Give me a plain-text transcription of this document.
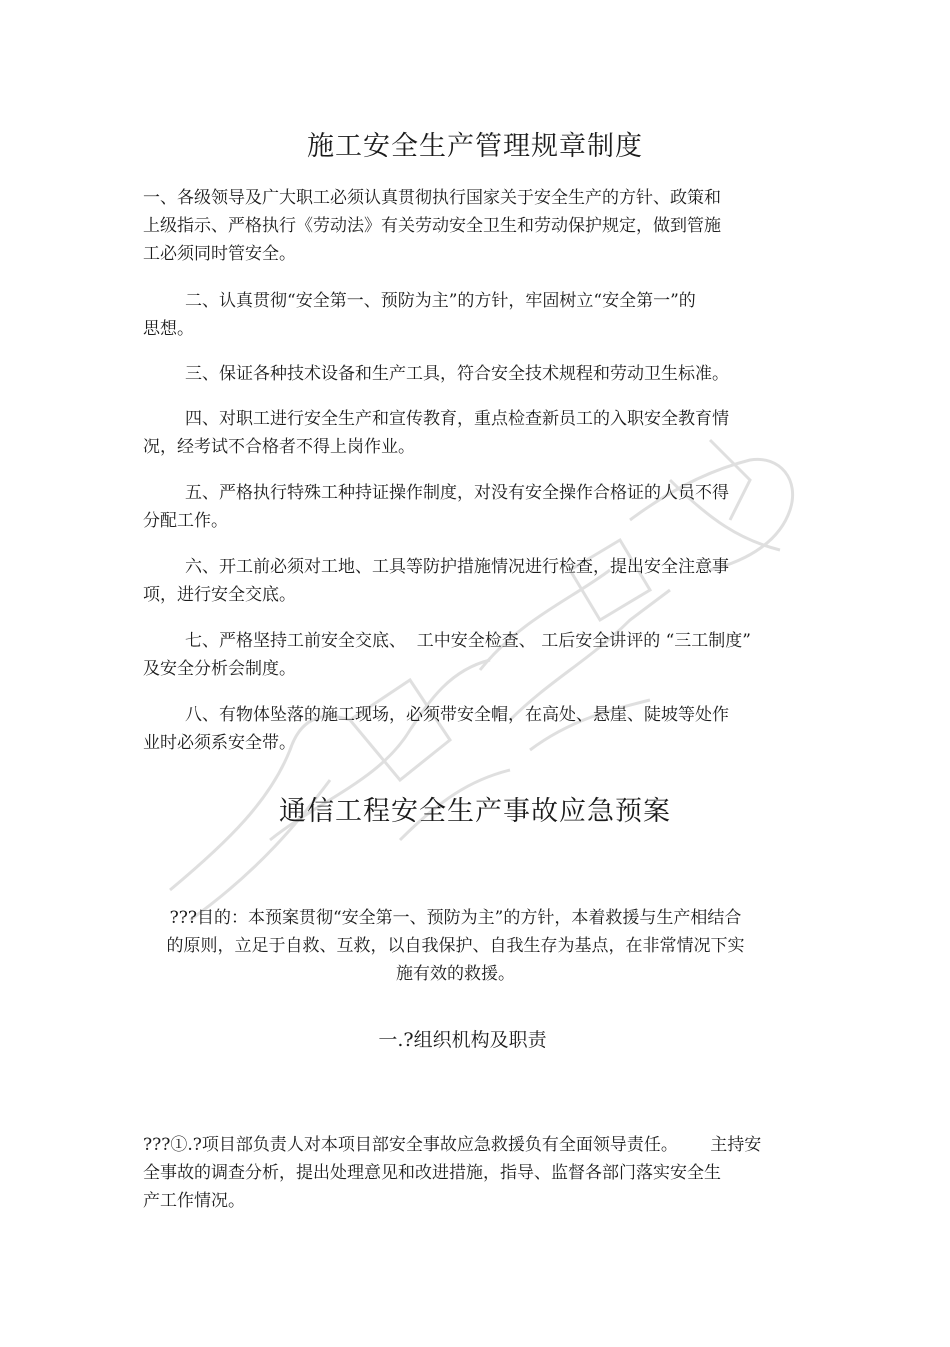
施工安全生产管理规章制度

一、各级领导及广大职工必须认真贯彻执行国家关于安全生产的方针、政策和
上级指示、严格执行《劳动法》有关劳动安全卫生和劳动保护规定，做到管施
工必须同时管安全。

二、认真贯彻“安全第一、预防为主”的方针，牢固树立“安全第一”的
思想。

三、保证各种技术设备和生产工具，符合安全技术规程和劳动卫生标准。

四、对职工进行安全生产和宣传教育，重点检查新员工的入职安全教育情
况，经考试不合格者不得上岗作业。

五、严格执行特殊工种持证操作制度，对没有安全操作合格证的人员不得
分配工作。

六、开工前必须对工地、工具等防护措施情况进行检查，提出安全注意事
项，进行安全交底。

七、严格坚持工前安全交底、  工中安全检查、 工后安全讲评的 “三工制度”
及安全分析会制度。

八、有物体坠落的施工现场，必须带安全帽，在高处、悬崖、陡坡等处作
业时必须系安全带。

通信工程安全生产事故应急预案

???目的：本预案贯彻“安全第一、预防为主”的方针，本着救援与生产相结合
的原则，立足于自救、互救，以自我保护、自我生存为基点，在非常情况下实
施有效的救援。

一.?组织机构及职责

???①.?项目部负责人对本项目部安全事故应急救援负有全面领导责任。      主持安
全事故的调查分析，提出处理意见和改进措施，指导、监督各部门落实安全生
产工作情况。
